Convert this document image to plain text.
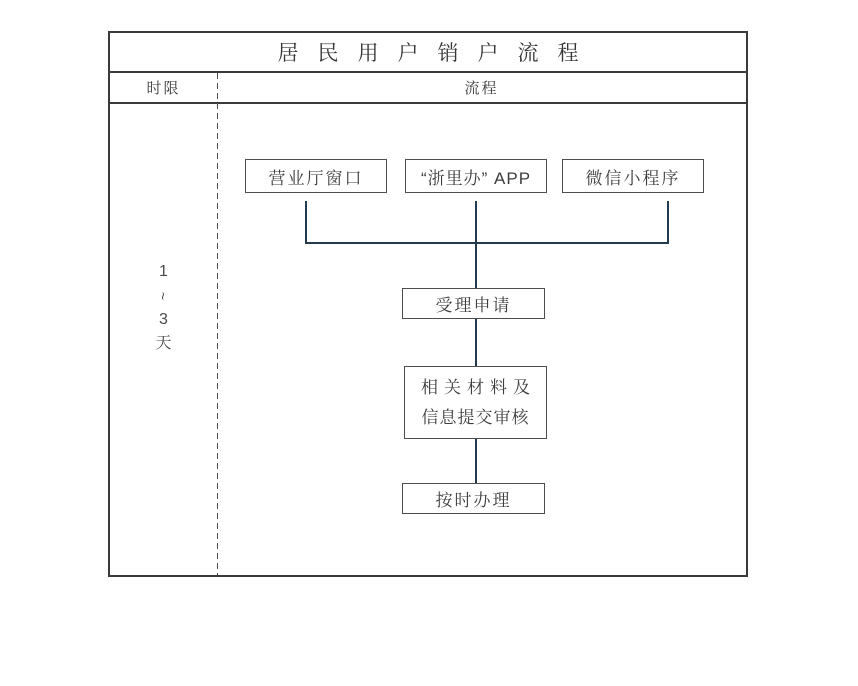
居民用户销户流程
时限	流程
1
~
3
天
营业厅窗口	“浙里办” APP	微信小程序
受理申请
相关材料及
信息提交审核
按时办理
